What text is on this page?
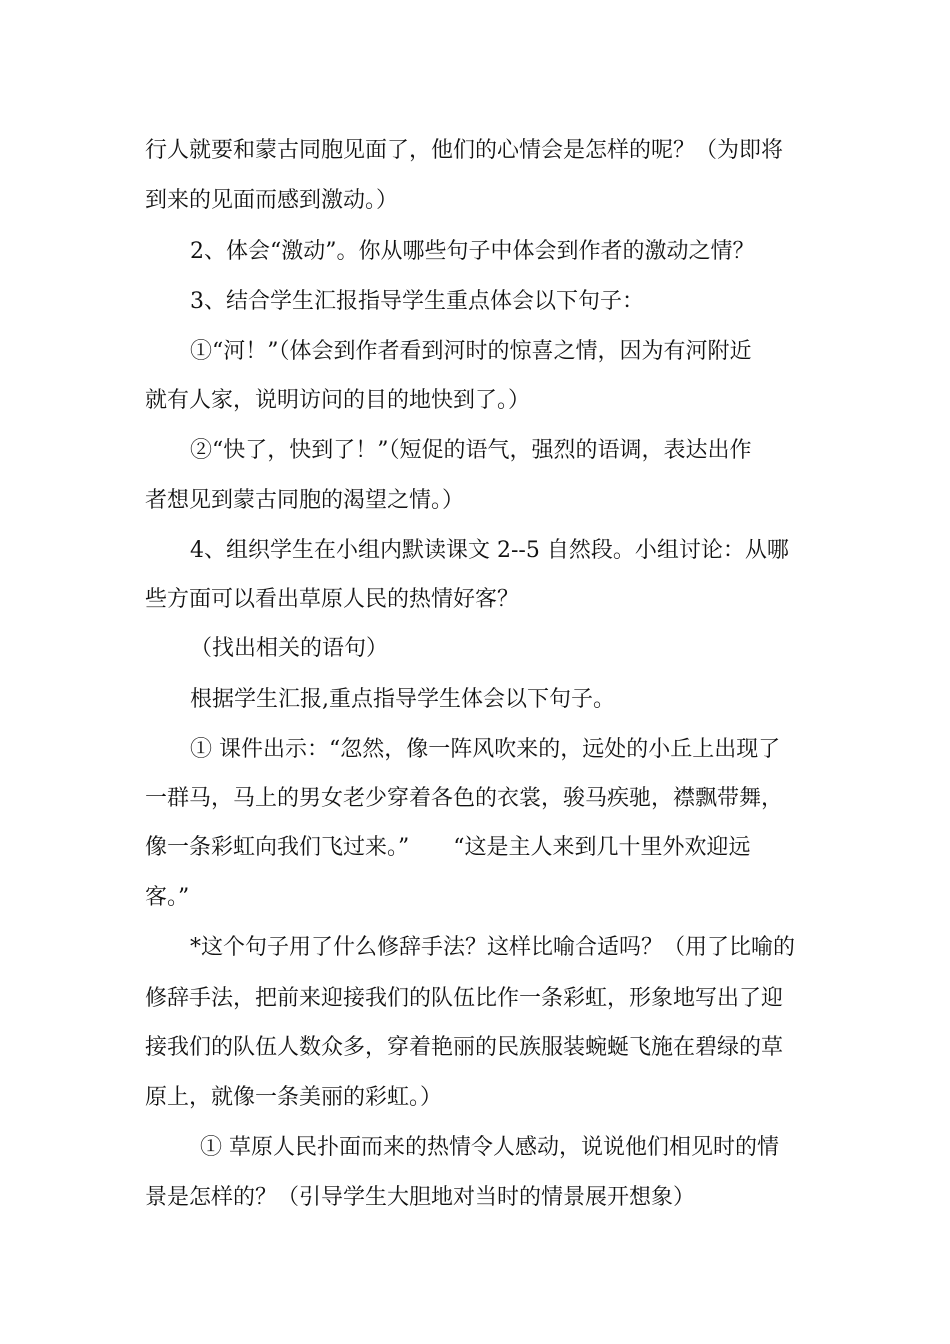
行人就要和蒙古同胞见面了，他们的心情会是怎样的呢？（为即将
到来的见面而感到激动。）
2、体会“激动”。你从哪些句子中体会到作者的激动之情？
3、结合学生汇报指导学生重点体会以下句子：
①“河！”（体会到作者看到河时的惊喜之情，因为有河附近
就有人家，说明访问的目的地快到了。）
②“快了，快到了！”（短促的语气，强烈的语调，表达出作
者想见到蒙古同胞的渴望之情。）
4、组织学生在小组内默读课文 2--5 自然段。小组讨论：从哪
些方面可以看出草原人民的热情好客？
（找出相关的语句）
根据学生汇报,重点指导学生体会以下句子。
① 课件出示：“忽然，像一阵风吹来的，远处的小丘上出现了
一群马，马上的男女老少穿着各色的衣裳，骏马疾驰，襟飘带舞，
像一条彩虹向我们飞过来。”　　“这是主人来到几十里外欢迎远
客。”
*这个句子用了什么修辞手法？这样比喻合适吗？（用了比喻的
修辞手法，把前来迎接我们的队伍比作一条彩虹，形象地写出了迎
接我们的队伍人数众多，穿着艳丽的民族服装蜿蜒飞施在碧绿的草
原上，就像一条美丽的彩虹。）
① 草原人民扑面而来的热情令人感动，说说他们相见时的情
景是怎样的？（引导学生大胆地对当时的情景展开想象）
